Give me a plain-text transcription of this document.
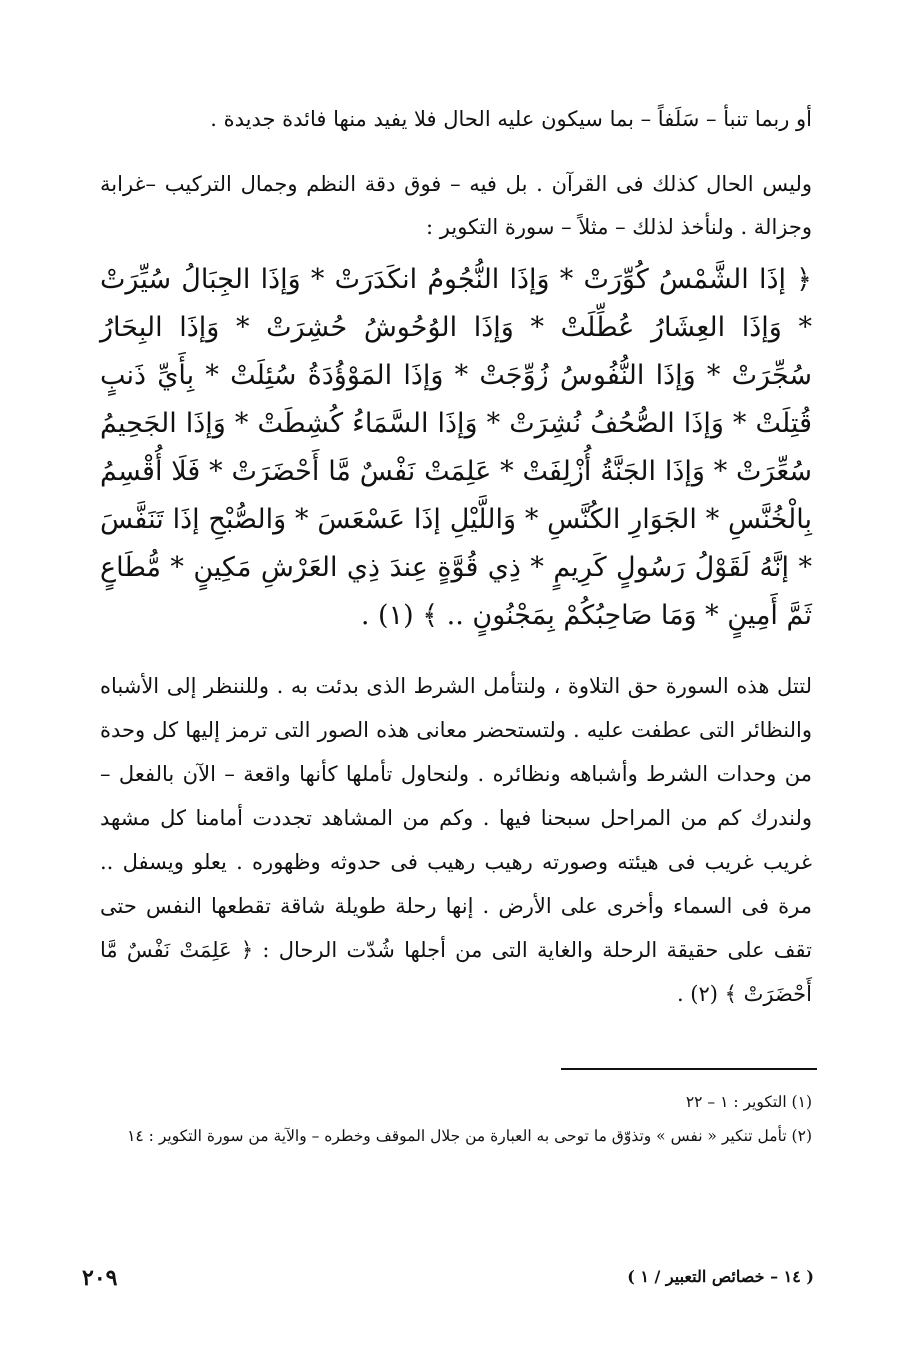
أو ربما تنبأ – سَلَفاً – بما سيكون عليه الحال فلا يفيد منها فائدة جديدة .

وليس الحال كذلك فى القرآن . بل فيه – فوق دقة النظم وجمال التركيب –غرابة وجزالة . ولنأخذ لذلك – مثلاً – سورة التكوير :

﴿ إذَا الشَّمْسُ كُوِّرَتْ * وَإذَا النُّجُومُ انكَدَرَتْ * وَإذَا الجِبَالُ سُيِّرَتْ * وَإذَا العِشَارُ عُطِّلَتْ * وَإذَا الوُحُوشُ حُشِرَتْ * وَإذَا البِحَارُ سُجِّرَتْ * وَإذَا النُّفُوسُ زُوِّجَتْ * وَإذَا المَوْؤُدَةُ سُئِلَتْ * بِأَيِّ ذَنبٍ قُتِلَتْ * وَإذَا الصُّحُفُ نُشِرَتْ * وَإذَا السَّمَاءُ كُشِطَتْ * وَإذَا الجَحِيمُ سُعِّرَتْ * وَإذَا الجَنَّةُ أُزْلِفَتْ * عَلِمَتْ نَفْسٌ مَّا أَحْضَرَتْ * فَلَا أُقْسِمُ بِالْخُنَّسِ * الجَوَارِ الكُنَّسِ * وَاللَّيْلِ إذَا عَسْعَسَ * وَالصُّبْحِ إذَا تَنَفَّسَ * إنَّهُ لَقَوْلُ رَسُولٍ كَرِيمٍ * ذِي قُوَّةٍ عِندَ ذِي العَرْشِ مَكِينٍ * مُّطَاعٍ ثَمَّ أَمِينٍ * وَمَا صَاحِبُكُمْ بِمَجْنُونٍ .. ﴾ (١) .

لتتل هذه السورة حق التلاوة ، ولنتأمل الشرط الذى بدئت به . وللننظر إلى الأشباه والنظائر التى عطفت عليه . ولتستحضر معانى هذه الصور التى ترمز إليها كل وحدة من وحدات الشرط وأشباهه ونظائره . ولنحاول تأملها كأنها واقعة – الآن بالفعل – ولندرك كم من المراحل سبحنا فيها . وكم من المشاهد تجددت أمامنا كل مشهد غريب غريب فى هيئته وصورته رهيب رهيب فى حدوثه وظهوره . يعلو ويسفل .. مرة فى السماء وأخرى على الأرض . إنها رحلة طويلة شاقة تقطعها النفس حتى تقف على حقيقة الرحلة والغاية التى من أجلها شُدّت الرحال : ﴿ عَلِمَتْ نَفْسٌ مَّا أَحْضَرَتْ ﴾ (٢) .

(١) التكوير : ١ – ٢٢

(٢) تأمل تنكير « نفس » وتذوّق ما توحى به العبارة من جلال الموقف وخطره – والآية من سورة التكوير : ١٤

( ١٤ – خصائص التعبير / ١ )
٢٠٩
